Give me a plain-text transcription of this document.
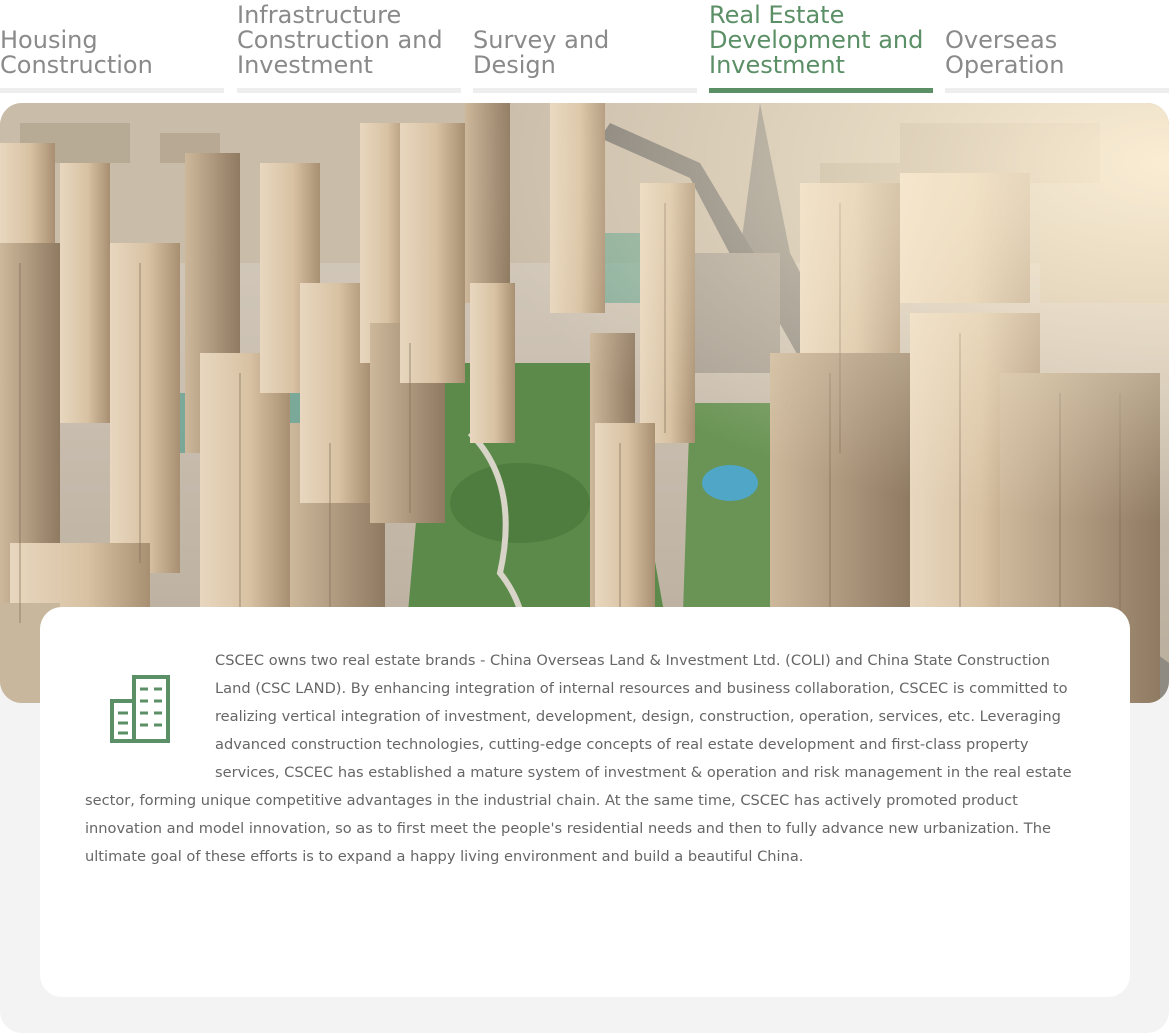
Housing
Construction
Infrastructure
Construction and
Investment
Survey and
Design
Real Estate
Development and
Investment
Overseas
Operation

CSCEC owns two real estate brands - China Overseas Land & Investment Ltd. (COLI) and China State Construction Land (CSC LAND). By enhancing integration of internal resources and business collaboration, CSCEC is committed to realizing vertical integration of investment, development, design, construction, operation, services, etc. Leveraging advanced construction technologies, cutting-edge concepts of real estate development and first-class property services, CSCEC has established a mature system of investment & operation and risk management in the real estate sector, forming unique competitive advantages in the industrial chain. At the same time, CSCEC has actively promoted product innovation and model innovation, so as to first meet the people's residential needs and then to fully advance new urbanization. The ultimate goal of these efforts is to expand a happy living environment and build a beautiful China.
